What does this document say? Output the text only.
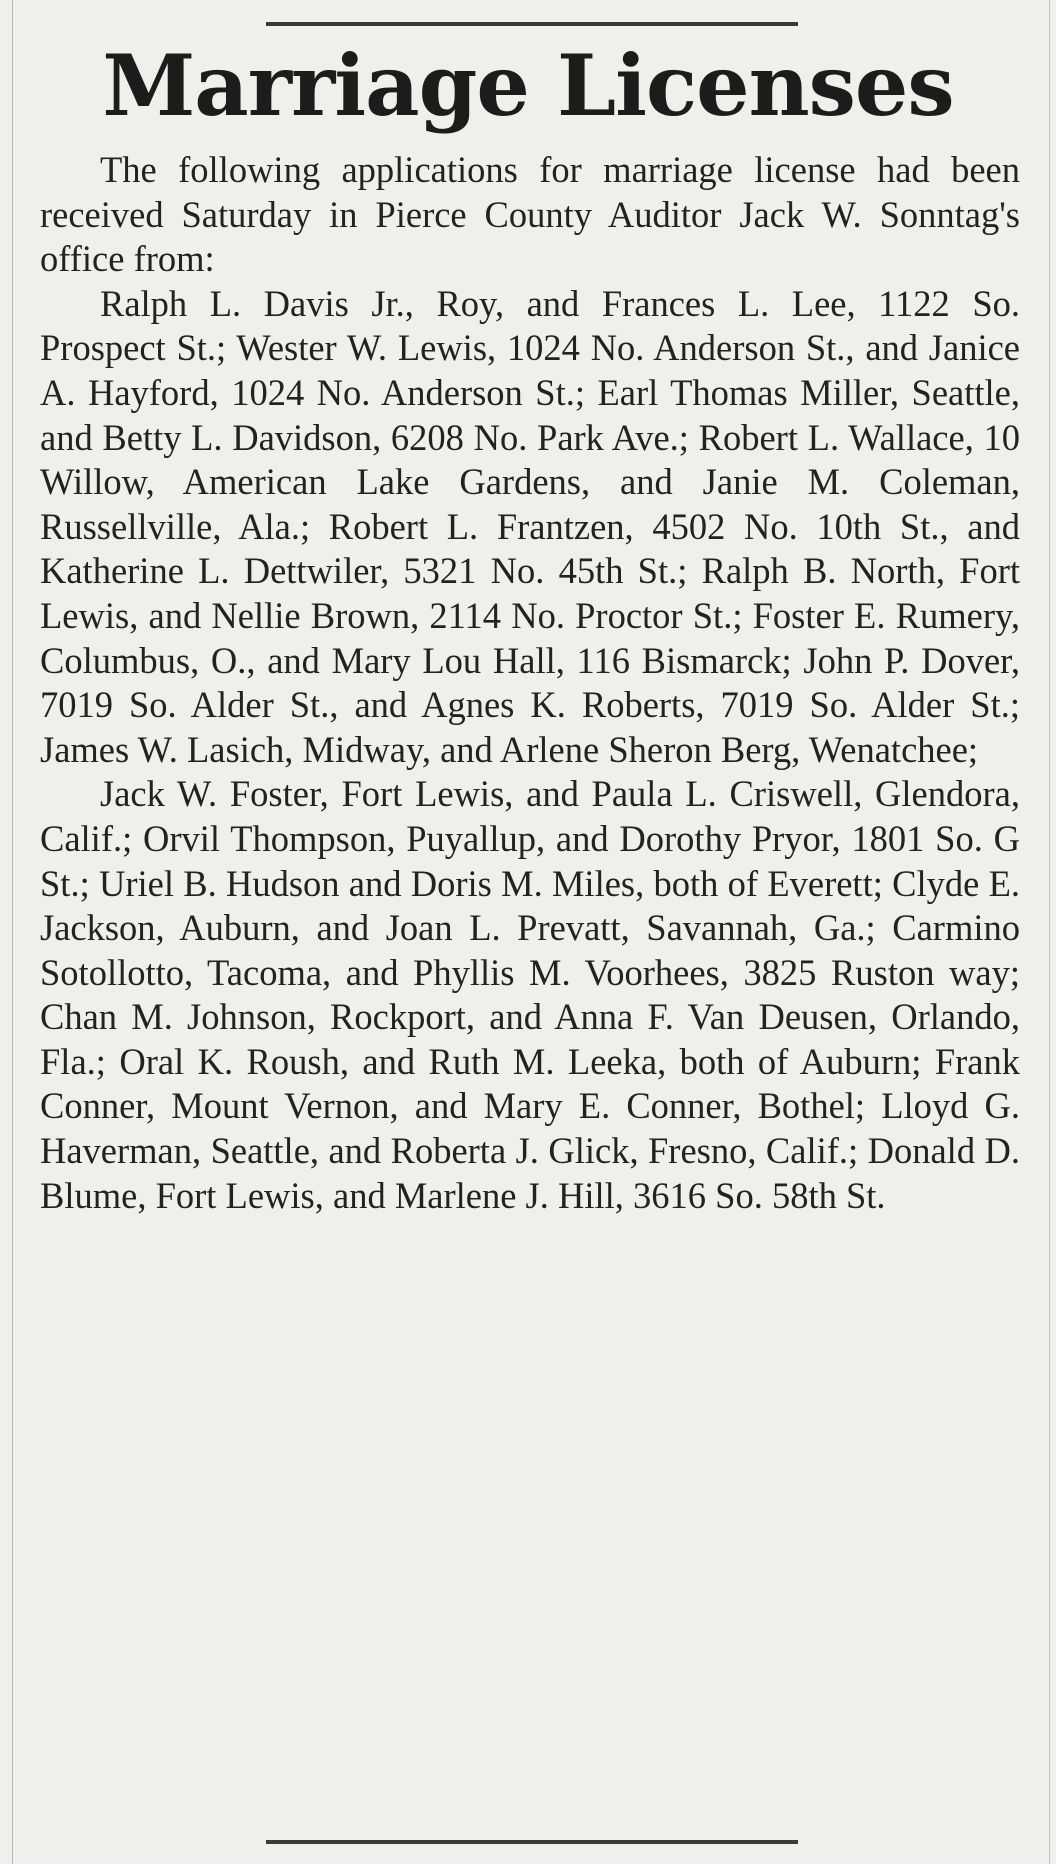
Marriage Licenses

The following applications for marriage license had been received Saturday in Pierce County Auditor Jack W. Sonntag's office from:

Ralph L. Davis Jr., Roy, and Frances L. Lee, 1122 So. Prospect St.; Wester W. Lewis, 1024 No. Anderson St., and Janice A. Hayford, 1024 No. Anderson St.; Earl Thomas Miller, Seattle, and Betty L. Davidson, 6208 No. Park Ave.; Robert L. Wallace, 10 Willow, American Lake Gardens, and Janie M. Coleman, Russellville, Ala.; Robert L. Frantzen, 4502 No. 10th St., and Katherine L. Dettwiler, 5321 No. 45th St.; Ralph B. North, Fort Lewis, and Nellie Brown, 2114 No. Proctor St.; Foster E. Rumery, Columbus, O., and Mary Lou Hall, 116 Bismarck; John P. Dover, 7019 So. Alder St., and Agnes K. Roberts, 7019 So. Alder St.; James W. Lasich, Midway, and Arlene Sheron Berg, Wenatchee;

Jack W. Foster, Fort Lewis, and Paula L. Criswell, Glendora, Calif.; Orvil Thompson, Puyallup, and Dorothy Pryor, 1801 So. G St.; Uriel B. Hudson and Doris M. Miles, both of Everett; Clyde E. Jackson, Auburn, and Joan L. Prevatt, Savannah, Ga.; Carmino Sotollotto, Tacoma, and Phyllis M. Voorhees, 3825 Ruston way; Chan M. Johnson, Rockport, and Anna F. Van Deusen, Orlando, Fla.; Oral K. Roush, and Ruth M. Leeka, both of Auburn; Frank Conner, Mount Vernon, and Mary E. Conner, Bothel; Lloyd G. Haverman, Seattle, and Roberta J. Glick, Fresno, Calif.; Donald D. Blume, Fort Lewis, and Marlene J. Hill, 3616 So. 58th St.
